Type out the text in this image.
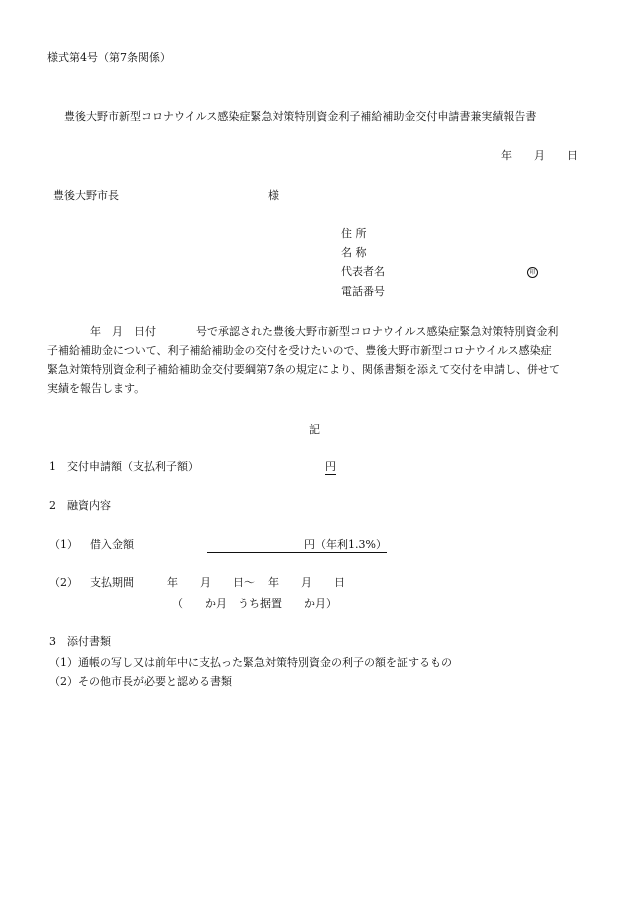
様式第4号（第7条関係）
豊後大野市新型コロナウイルス感染症緊急対策特別資金利子補給補助金交付申請書兼実績報告書
年 月 日
豊後大野市長	様
住 所
名 称
代表者名	印
電話番号
年　月　日付	号で承認された豊後大野市新型コロナウイルス感染症緊急対策特別資金利
子補給補助金について、利子補給補助金の交付を受けたいので、豊後大野市新型コロナウイルス感染症
緊急対策特別資金利子補給補助金交付要綱第7条の規定により、関係書類を添えて交付を申請し、併せて
実績を報告します。
記
1　交付申請額（支払利子額）	円
2　融資内容
（1） 借入金額	円（年利1.3%）
（2） 支払期間	年　　月　　日～ 年　　月　　日
（　　か月　うち据置　　か月）
3　添付書類
（1）通帳の写し又は前年中に支払った緊急対策特別資金の利子の額を証するもの
（2）その他市長が必要と認める書類
